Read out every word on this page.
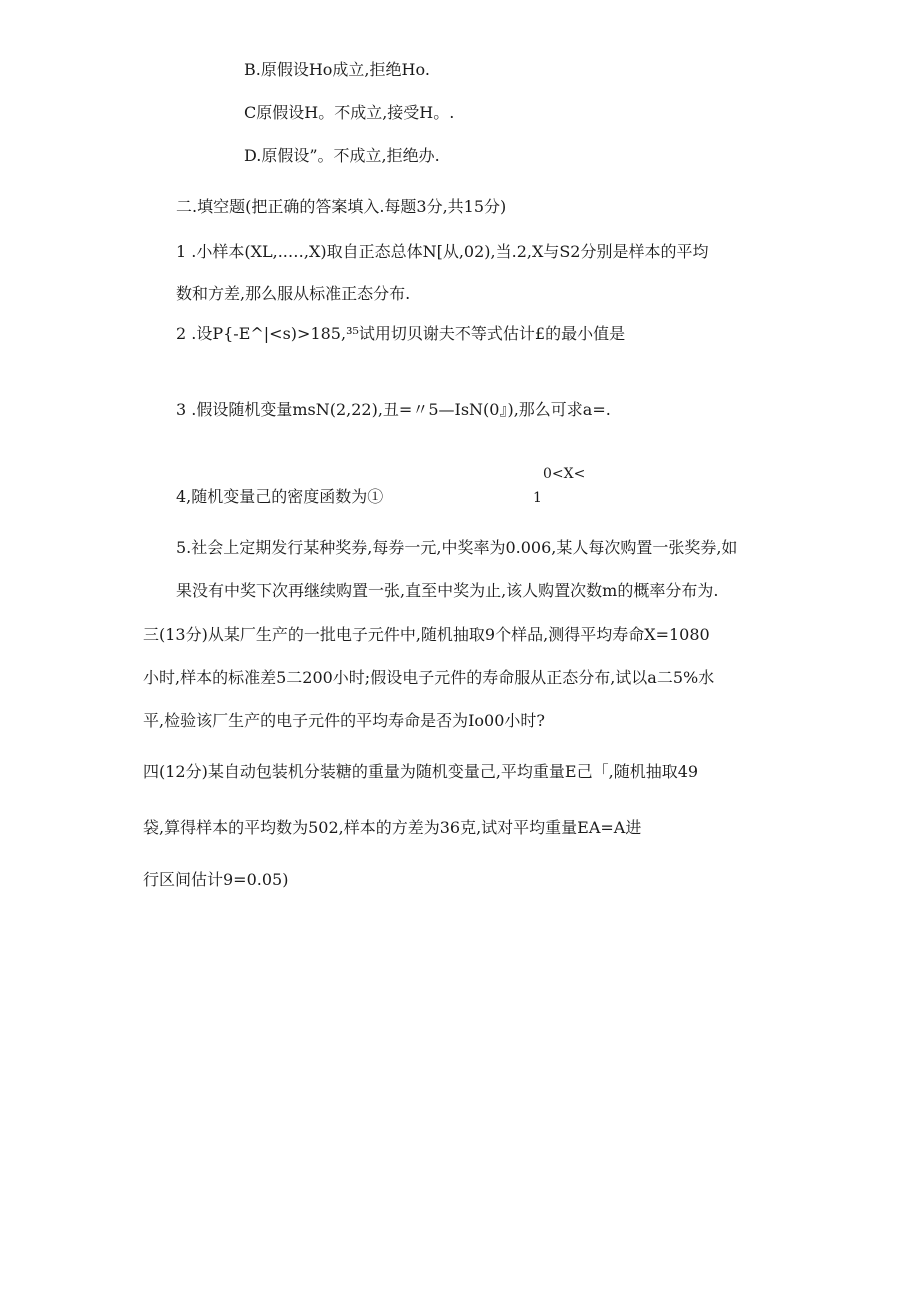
B.原假设Ho成立,拒绝Ho.
C原假设H。不成立,接受H。.
D.原假设”。不成立,拒绝办.
二.填空题(把正确的答案填入.每题3分,共15分)
1 .小样本(XL,..…,X)取自正态总体N[从,02),当.2,X与S2分别是样本的平均
数和方差,那么服从标准正态分布.
2 .设P{-E^|<s)>185,³⁵试用切贝谢夫不等式估计£的最小值是
3 .假设随机变量msN(2,22),丑=〃5—IsN(0』),那么可求a=.
0<X<
4,随机变量己的密度函数为①	1
5.社会上定期发行某种奖券,每券一元,中奖率为0.006,某人每次购置一张奖券,如
果没有中奖下次再继续购置一张,直至中奖为止,该人购置次数m的概率分布为.
三(13分)从某厂生产的一批电子元件中,随机抽取9个样品,测得平均寿命X=1080
小时,样本的标准差5二200小时;假设电子元件的寿命服从正态分布,试以a二5%水
平,检验该厂生产的电子元件的平均寿命是否为Io00小时?
四(12分)某自动包装机分装糖的重量为随机变量己,平均重量E己「,随机抽取49
袋,算得样本的平均数为502,样本的方差为36克,试对平均重量EA=A进
行区间估计9=0.05)
